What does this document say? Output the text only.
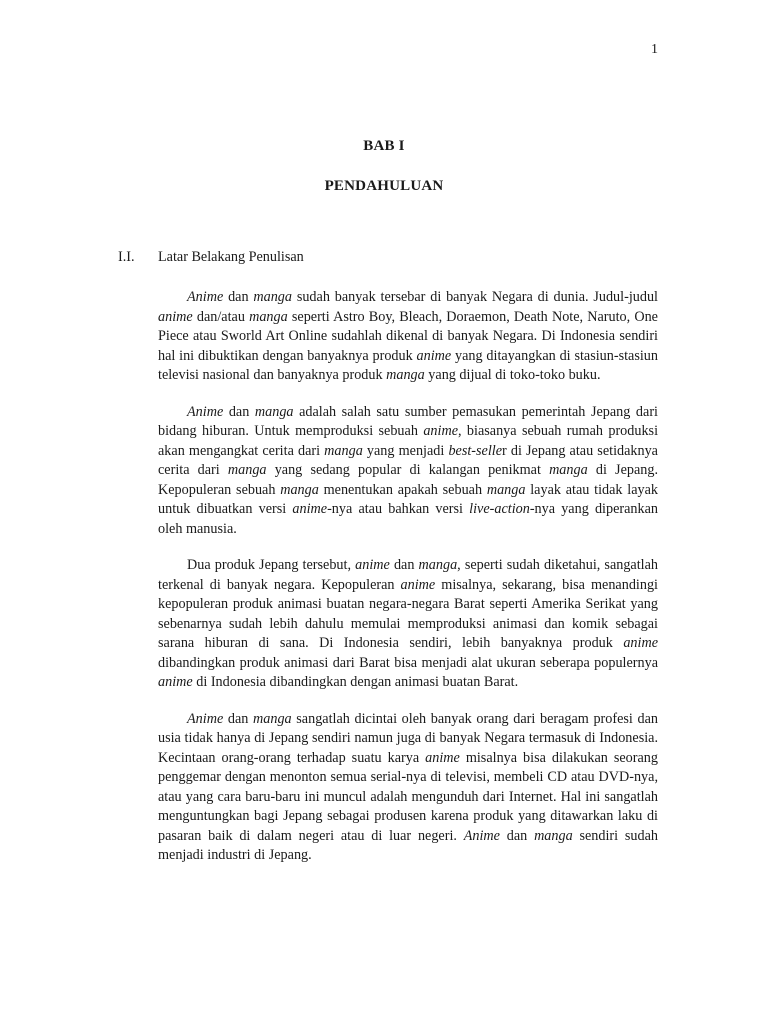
1
BAB I
PENDAHULUAN
I.I. Latar Belakang Penulisan

Anime dan manga sudah banyak tersebar di banyak Negara di dunia. Judul-judul anime dan/atau manga seperti Astro Boy, Bleach, Doraemon, Death Note, Naruto, One Piece atau Sworld Art Online sudahlah dikenal di banyak Negara. Di Indonesia sendiri hal ini dibuktikan dengan banyaknya produk anime yang ditayangkan di stasiun-stasiun televisi nasional dan banyaknya produk manga yang dijual di toko-toko buku.

Anime dan manga adalah salah satu sumber pemasukan pemerintah Jepang dari bidang hiburan. Untuk memproduksi sebuah anime, biasanya sebuah rumah produksi akan mengangkat cerita dari manga yang menjadi best-seller di Jepang atau setidaknya cerita dari manga yang sedang popular di kalangan penikmat manga di Jepang. Kepopuleran sebuah manga menentukan apakah sebuah manga layak atau tidak layak untuk dibuatkan versi anime-nya atau bahkan versi live-action-nya yang diperankan oleh manusia.

Dua produk Jepang tersebut, anime dan manga, seperti sudah diketahui, sangatlah terkenal di banyak negara. Kepopuleran anime misalnya, sekarang, bisa menandingi kepopuleran produk animasi buatan negara-negara Barat seperti Amerika Serikat yang sebenarnya sudah lebih dahulu memulai memproduksi animasi dan komik sebagai sarana hiburan di sana. Di Indonesia sendiri, lebih banyaknya produk anime dibandingkan produk animasi dari Barat bisa menjadi alat ukuran seberapa populernya anime di Indonesia dibandingkan dengan animasi buatan Barat.

Anime dan manga sangatlah dicintai oleh banyak orang dari beragam profesi dan usia tidak hanya di Jepang sendiri namun juga di banyak Negara termasuk di Indonesia. Kecintaan orang-orang terhadap suatu karya anime misalnya bisa dilakukan seorang penggemar dengan menonton semua serial-nya di televisi, membeli CD atau DVD-nya, atau yang cara baru-baru ini muncul adalah mengunduh dari Internet. Hal ini sangatlah menguntungkan bagi Jepang sebagai produsen karena produk yang ditawarkan laku di pasaran baik di dalam negeri atau di luar negeri. Anime dan manga sendiri sudah menjadi industri di Jepang.
